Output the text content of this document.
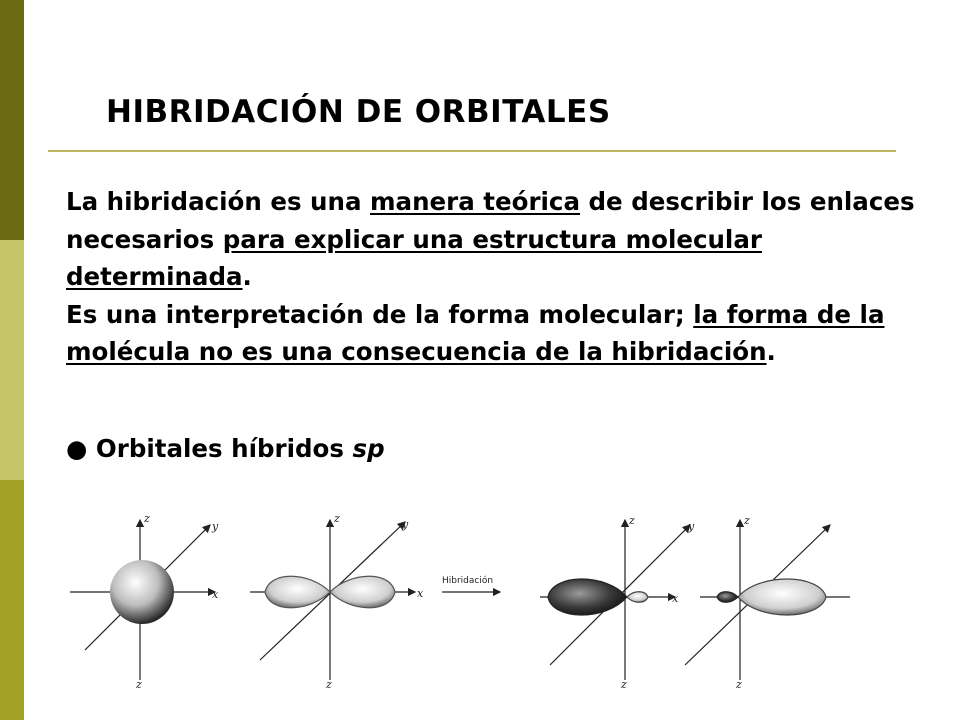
HIBRIDACIÓN DE ORBITALES

La hibridación es una manera teórica de describir los enlaces necesarios para explicar una estructura molecular determinada.

Es una interpretación de la forma molecular; la forma de la molécula no es una consecuencia de la hibridación.

● Orbitales híbridos sp
z
y
x
z
z	y
x
z
Hibridación
z	y
x
z
z
z
